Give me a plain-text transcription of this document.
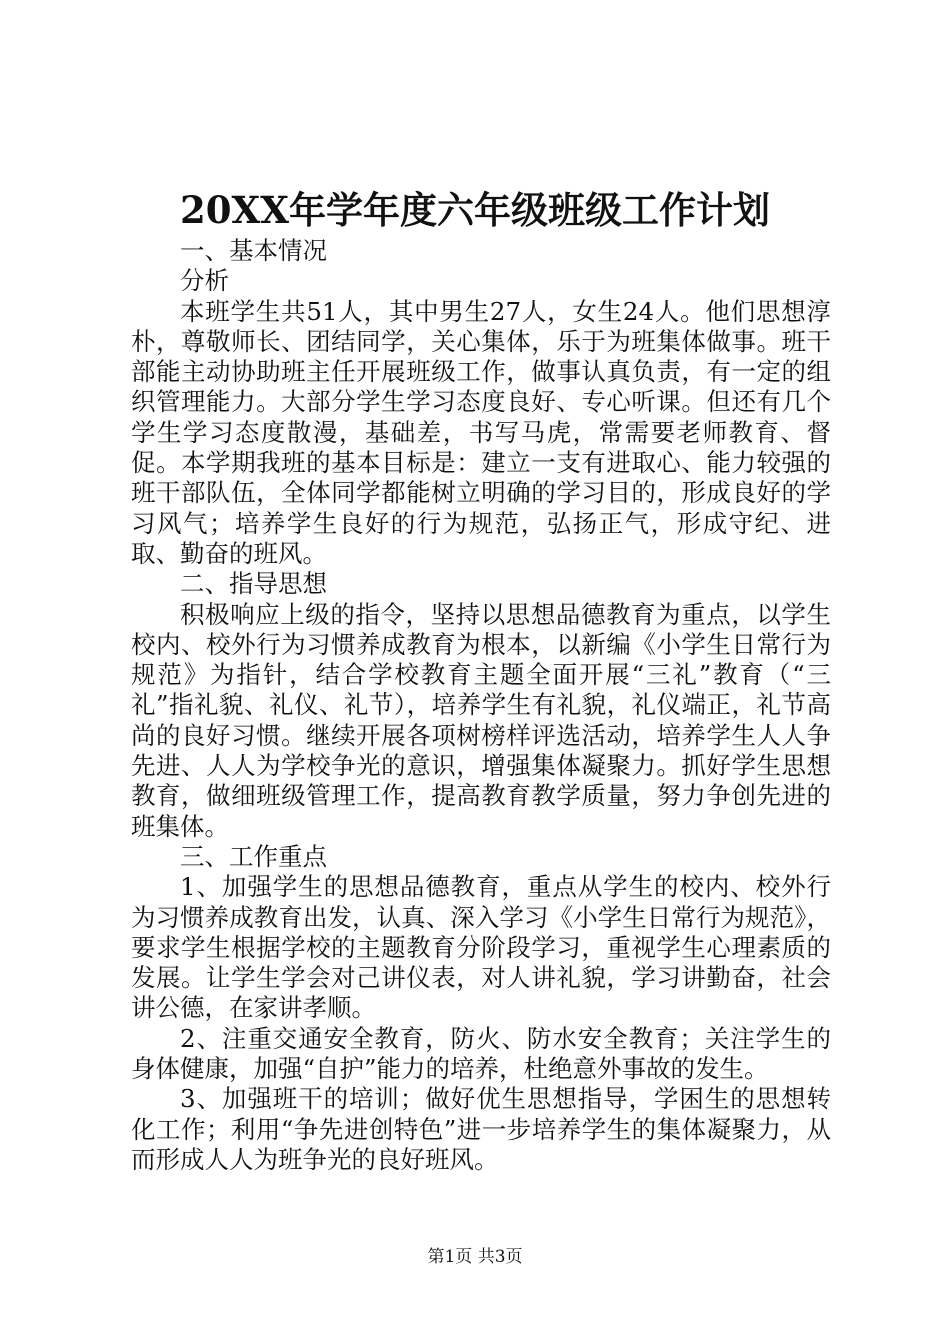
20XX年学年度六年级班级工作计划

一、基本情况

分析

本班学生共51人，其中男生27人，女生24人。他们思想淳朴，尊敬师长、团结同学，关心集体，乐于为班集体做事。班干部能主动协助班主任开展班级工作，做事认真负责，有一定的组织管理能力。大部分学生学习态度良好、专心听课。但还有几个学生学习态度散漫，基础差，书写马虎，常需要老师教育、督促。本学期我班的基本目标是：建立一支有进取心、能力较强的班干部队伍，全体同学都能树立明确的学习目的，形成良好的学习风气；培养学生良好的行为规范，弘扬正气，形成守纪、进取、勤奋的班风。

二、指导思想

积极响应上级的指令，坚持以思想品德教育为重点，以学生校内、校外行为习惯养成教育为根本，以新编《小学生日常行为规范》为指针，结合学校教育主题全面开展“三礼”教育（“三礼”指礼貌、礼仪、礼节），培养学生有礼貌，礼仪端正，礼节高尚的良好习惯。继续开展各项树榜样评选活动，培养学生人人争先进、人人为学校争光的意识，增强集体凝聚力。抓好学生思想教育，做细班级管理工作，提高教育教学质量，努力争创先进的班集体。

三、工作重点

1、加强学生的思想品德教育，重点从学生的校内、校外行为习惯养成教育出发，认真、深入学习《小学生日常行为规范》，要求学生根据学校的主题教育分阶段学习，重视学生心理素质的发展。让学生学会对己讲仪表，对人讲礼貌，学习讲勤奋，社会讲公德，在家讲孝顺。

2、注重交通安全教育，防火、防水安全教育；关注学生的身体健康，加强“自护”能力的培养，杜绝意外事故的发生。

3、加强班干的培训；做好优生思想指导，学困生的思想转化工作；利用“争先进创特色”进一步培养学生的集体凝聚力，从而形成人人为班争光的良好班风。

第1页 共3页
